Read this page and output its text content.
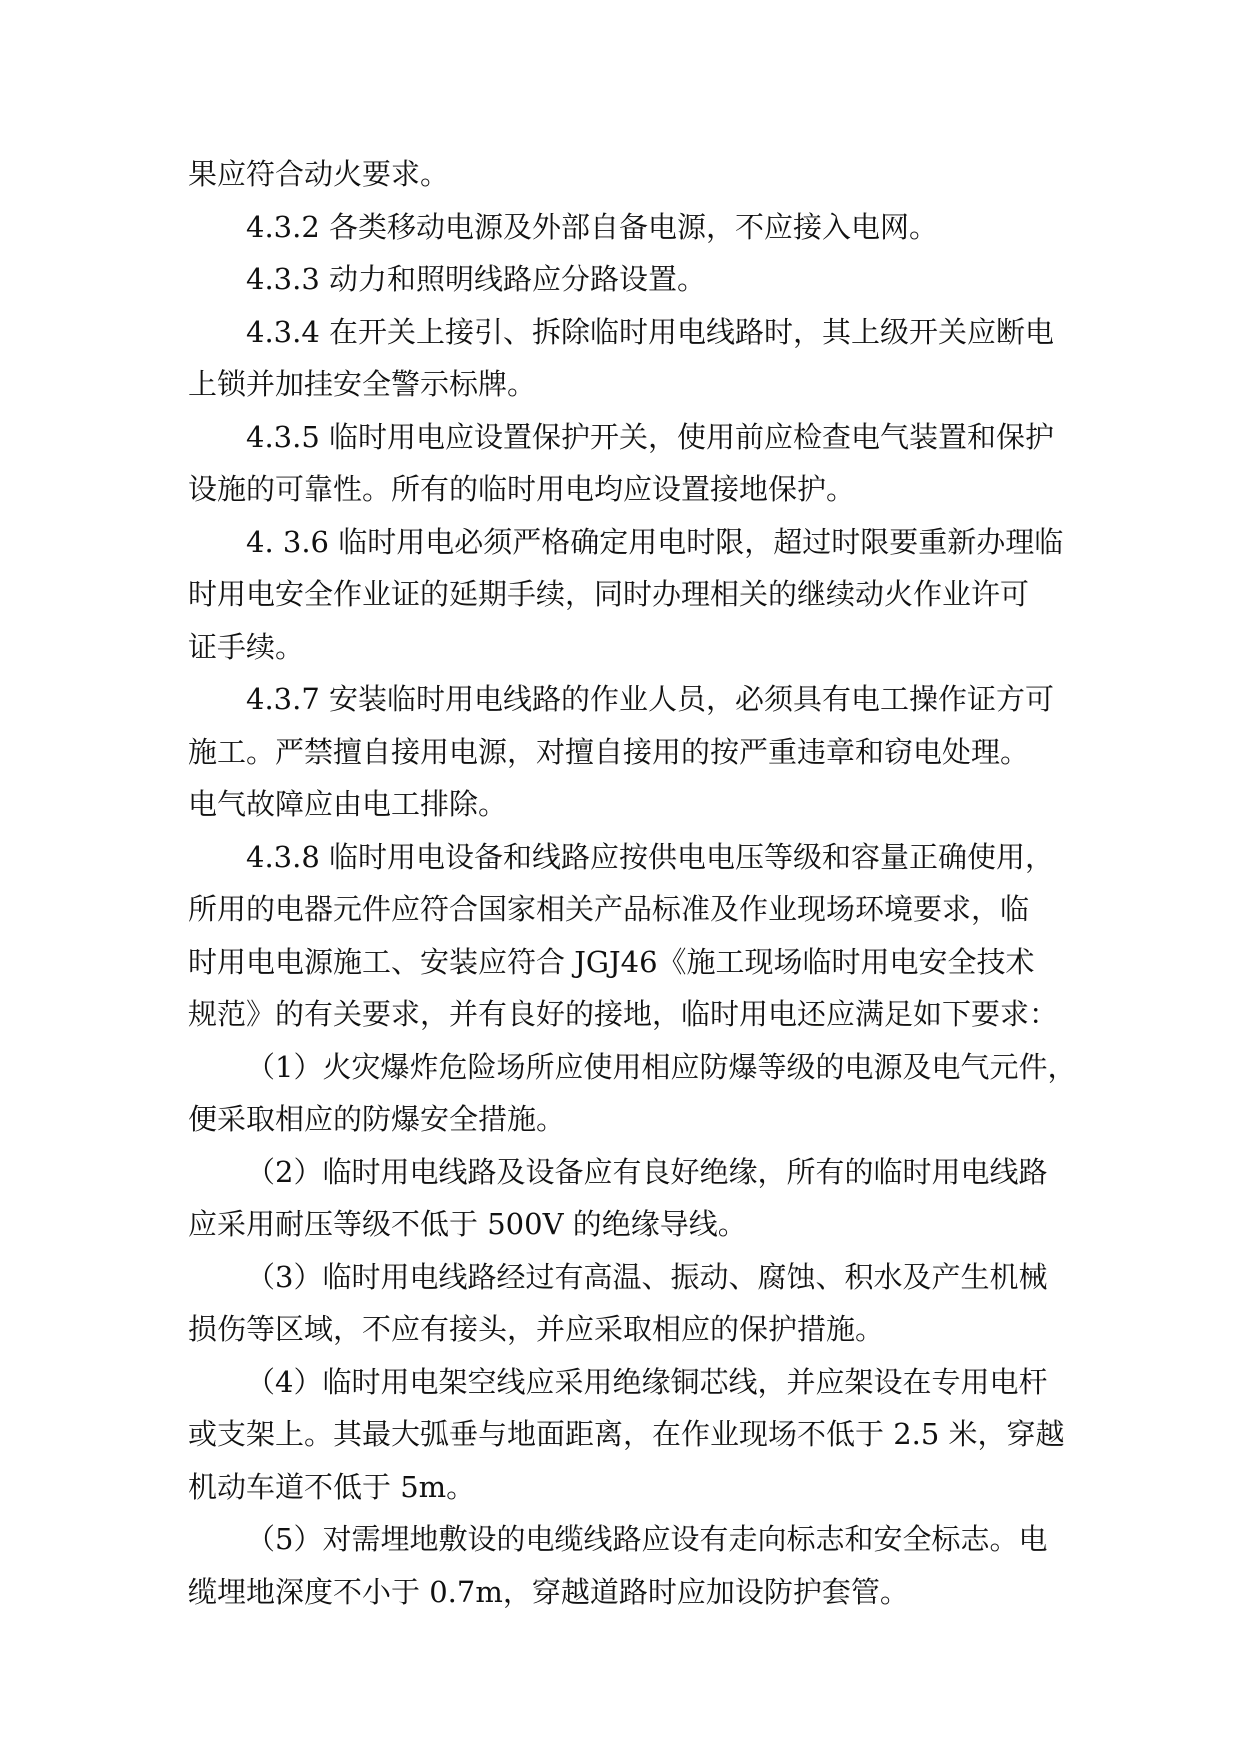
果应符合动火要求。

4.3.2 各类移动电源及外部自备电源，不应接入电网。

4.3.3 动力和照明线路应分路设置。

4.3.4 在开关上接引、拆除临时用电线路时，其上级开关应断电
上锁并加挂安全警示标牌。

4.3.5 临时用电应设置保护开关，使用前应检查电气装置和保护
设施的可靠性。所有的临时用电均应设置接地保护。

4. 3.6 临时用电必须严格确定用电时限，超过时限要重新办理临
时用电安全作业证的延期手续，同时办理相关的继续动火作业许可
证手续。

4.3.7 安装临时用电线路的作业人员，必须具有电工操作证方可
施工。严禁擅自接用电源，对擅自接用的按严重违章和窃电处理。
电气故障应由电工排除。

4.3.8 临时用电设备和线路应按供电电压等级和容量正确使用，
所用的电器元件应符合国家相关产品标准及作业现场环境要求，临
时用电电源施工、安装应符合 JGJ46《施工现场临时用电安全技术
规范》的有关要求，并有良好的接地，临时用电还应满足如下要求：

（1）火灾爆炸危险场所应使用相应防爆等级的电源及电气元件，
便采取相应的防爆安全措施。

（2）临时用电线路及设备应有良好绝缘，所有的临时用电线路
应采用耐压等级不低于 500V 的绝缘导线。

（3）临时用电线路经过有高温、振动、腐蚀、积水及产生机械
损伤等区域，不应有接头，并应采取相应的保护措施。

（4）临时用电架空线应采用绝缘铜芯线，并应架设在专用电杆
或支架上。其最大弧垂与地面距离，在作业现场不低于 2.5 米，穿越
机动车道不低于 5m。

（5）对需埋地敷设的电缆线路应设有走向标志和安全标志。电
缆埋地深度不小于 0.7m，穿越道路时应加设防护套管。
